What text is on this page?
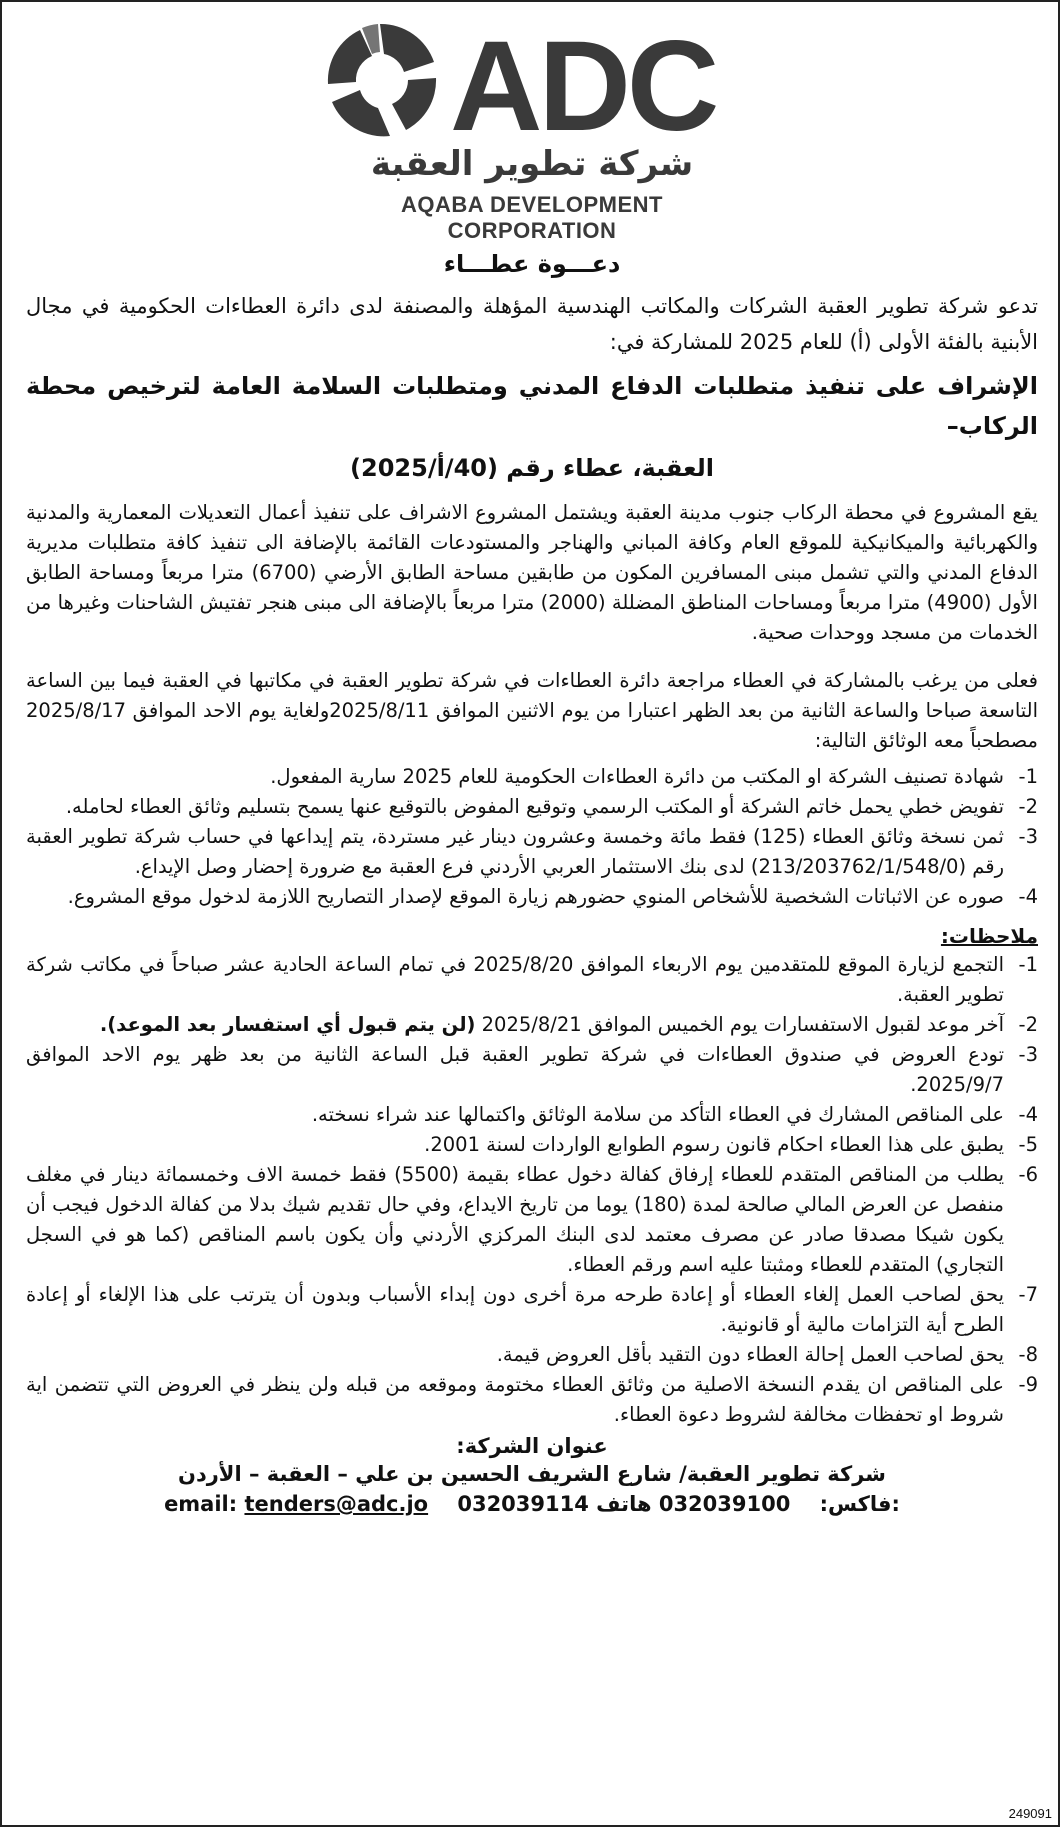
ADC
شركة تطوير العقبة
AQABA DEVELOPMENT CORPORATION
دعـــوة عطـــاء

تدعو شركة تطوير العقبة الشركات والمكاتب الهندسية المؤهلة والمصنفة لدى دائرة العطاءات الحكومية في مجال الأبنية بالفئة الأولى (أ) للعام 2025 للمشاركة في:

الإشراف على تنفيذ متطلبات الدفاع المدني ومتطلبات السلامة العامة لترخيص محطة الركاب–
العقبة، عطاء رقم (40/أ/2025)

يقع المشروع في محطة الركاب جنوب مدينة العقبة ويشتمل المشروع الاشراف على تنفيذ أعمال التعديلات المعمارية والمدنية والكهربائية والميكانيكية للموقع العام وكافة المباني والهناجر والمستودعات القائمة بالإضافة الى تنفيذ كافة متطلبات مديرية الدفاع المدني والتي تشمل مبنى المسافرين المكون من طابقين مساحة الطابق الأرضي (6700) مترا مربعاً ومساحة الطابق الأول (4900) مترا مربعاً ومساحات المناطق المضللة (2000) مترا مربعاً بالإضافة الى مبنى هنجر تفتيش الشاحنات وغيرها من الخدمات من مسجد ووحدات صحية.

فعلى من يرغب بالمشاركة في العطاء مراجعة دائرة العطاءات في شركة تطوير العقبة في مكاتبها في العقبة فيما بين الساعة التاسعة صباحا والساعة الثانية من بعد الظهر اعتبارا من يوم الاثنين الموافق 2025/8/11ولغاية يوم الاحد الموافق 2025/8/17 مصطحباً معه الوثائق التالية:

1-
شهادة تصنيف الشركة او المكتب من دائرة العطاءات الحكومية للعام 2025 سارية المفعول.
2-
تفويض خطي يحمل خاتم الشركة أو المكتب الرسمي وتوقيع المفوض بالتوقيع عنها يسمح بتسليم وثائق العطاء لحامله.
3-
ثمن نسخة وثائق العطاء (125) فقط مائة وخمسة وعشرون دينار غير مستردة، يتم إيداعها في حساب شركة تطوير العقبة رقم (213/203762/1/548/0) لدى بنك الاستثمار العربي الأردني فرع العقبة مع ضرورة إحضار وصل الإيداع.
4-
صوره عن الاثباتات الشخصية للأشخاص المنوي حضورهم زيارة الموقع لإصدار التصاريح اللازمة لدخول موقع المشروع.
ملاحظات:
1-
التجمع لزيارة الموقع للمتقدمين يوم الاربعاء الموافق 2025/8/20 في تمام الساعة الحادية عشر صباحاً في مكاتب شركة تطوير العقبة.
2-
آخر موعد لقبول الاستفسارات يوم الخميس الموافق 2025/8/21 (لن يتم قبول أي استفسار بعد الموعد).
3-
تودع العروض في صندوق العطاءات في شركة تطوير العقبة قبل الساعة الثانية من بعد ظهر يوم الاحد الموافق 2025/9/7.
4-
على المناقص المشارك في العطاء التأكد من سلامة الوثائق واكتمالها عند شراء نسخته.
5-
يطبق على هذا العطاء احكام قانون رسوم الطوابع الواردات لسنة 2001.
6-
يطلب من المناقص المتقدم للعطاء إرفاق كفالة دخول عطاء بقيمة (5500) فقط خمسة الاف وخمسمائة دينار في مغلف منفصل عن العرض المالي صالحة لمدة (180) يوما من تاريخ الايداع، وفي حال تقديم شيك بدلا من كفالة الدخول فيجب أن يكون شيكا مصدقا صادر عن مصرف معتمد لدى البنك المركزي الأردني وأن يكون باسم المناقص (كما هو في السجل التجاري) المتقدم للعطاء ومثبتا عليه اسم ورقم العطاء.
7-
يحق لصاحب العمل إلغاء العطاء أو إعادة طرحه مرة أخرى دون إبداء الأسباب وبدون أن يترتب على هذا الإلغاء أو إعادة الطرح أية التزامات مالية أو قانونية.
8-
يحق لصاحب العمل إحالة العطاء دون التقيد بأقل العروض قيمة.
9-
على المناقص ان يقدم النسخة الاصلية من وثائق العطاء مختومة وموقعه من قبله ولن ينظر في العروض التي تتضمن اية شروط او تحفظات مخالفة لشروط دعوة العطاء.
عنوان الشركة:
شركة تطوير العقبة/ شارع الشريف الحسين بن علي – العقبة – الأردن
email: tenders@adc.jo 032039114	فاكس:    032039100 هاتف:
249091
